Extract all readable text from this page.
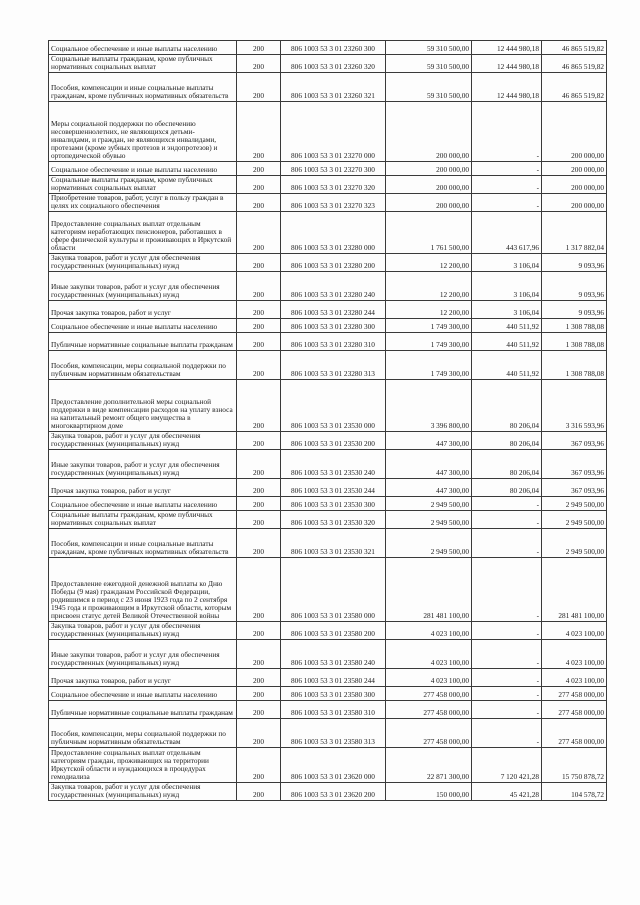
Социальное обеспечение и иные выплаты населению	200	806 1003 53 3 01 23260 300	59 310 500,00	12 444 980,18	46 865 519,82

Социальные выплаты гражданам, кроме публичных нормативных социальных выплат	200	806 1003 53 3 01 23260 320	59 310 500,00	12 444 980,18	46 865 519,82

Пособия, компенсации и иные социальные выплаты гражданам, кроме публичных нормативных обязательств	200	806 1003 53 3 01 23260 321	59 310 500,00	12 444 980,18	46 865 519,82

Меры социальной поддержки по обеспечению несовершеннолетних, не являющихся детьми-инвалидами, и граждан, не являющихся инвалидами, протезами (кроме зубных протезов и эндопротезов) и ортопедической обувью	200	806 1003 53 3 01 23270 000	200 000,00	-	200 000,00

Социальное обеспечение и иные выплаты населению	200	806 1003 53 3 01 23270 300	200 000,00	-	200 000,00

Социальные выплаты гражданам, кроме публичных нормативных социальных выплат	200	806 1003 53 3 01 23270 320	200 000,00	-	200 000,00

Приобретение товаров, работ, услуг в пользу граждан в целях их социального обеспечения	200	806 1003 53 3 01 23270 323	200 000,00	-	200 000,00

Предоставление социальных выплат отдельным категориям неработающих пенсионеров, работавших в сфере физической культуры и проживающих в Иркутской области	200	806 1003 53 3 01 23280 000	1 761 500,00	443 617,96	1 317 882,04

Закупка товаров, работ и услуг для обеспечения государственных (муниципальных) нужд	200	806 1003 53 3 01 23280 200	12 200,00	3 106,04	9 093,96

Иные закупки товаров, работ и услуг для обеспечения государственных (муниципальных) нужд	200	806 1003 53 3 01 23280 240	12 200,00	3 106,04	9 093,96

Прочая закупка товаров, работ и услуг	200	806 1003 53 3 01 23280 244	12 200,00	3 106,04	9 093,96

Социальное обеспечение и иные выплаты населению	200	806 1003 53 3 01 23280 300	1 749 300,00	440 511,92	1 308 788,08

Публичные нормативные социальные выплаты гражданам	200	806 1003 53 3 01 23280 310	1 749 300,00	440 511,92	1 308 788,08

Пособия, компенсации, меры социальной поддержки по публичным нормативным обязательствам	200	806 1003 53 3 01 23280 313	1 749 300,00	440 511,92	1 308 788,08

Предоставление дополнительной меры социальной поддержки в виде компенсации расходов на уплату взноса на капитальный ремонт общего имущества в многоквартирном доме	200	806 1003 53 3 01 23530 000	3 396 800,00	80 206,04	3 316 593,96

Закупка товаров, работ и услуг для обеспечения государственных (муниципальных) нужд	200	806 1003 53 3 01 23530 200	447 300,00	80 206,04	367 093,96

Иные закупки товаров, работ и услуг для обеспечения государственных (муниципальных) нужд	200	806 1003 53 3 01 23530 240	447 300,00	80 206,04	367 093,96

Прочая закупка товаров, работ и услуг	200	806 1003 53 3 01 23530 244	447 300,00	80 206,04	367 093,96

Социальное обеспечение и иные выплаты населению	200	806 1003 53 3 01 23530 300	2 949 500,00	-	2 949 500,00

Социальные выплаты гражданам, кроме публичных нормативных социальных выплат	200	806 1003 53 3 01 23530 320	2 949 500,00	-	2 949 500,00

Пособия, компенсации и иные социальные выплаты гражданам, кроме публичных нормативных обязательств	200	806 1003 53 3 01 23530 321	2 949 500,00	-	2 949 500,00

Предоставление ежегодной денежной выплаты ко Дню Победы (9 мая) гражданам Российской Федерации, родившимся в период с 23 июня 1923 года по 2 сентября 1945 года и проживающим в Иркутской области, которым присвоен статус детей Великой Отечественной войны	200	806 1003 53 3 01 23580 000	281 481 100,00	-	281 481 100,00

Закупка товаров, работ и услуг для обеспечения государственных (муниципальных) нужд	200	806 1003 53 3 01 23580 200	4 023 100,00	-	4 023 100,00

Иные закупки товаров, работ и услуг для обеспечения государственных (муниципальных) нужд	200	806 1003 53 3 01 23580 240	4 023 100,00	-	4 023 100,00

Прочая закупка товаров, работ и услуг	200	806 1003 53 3 01 23580 244	4 023 100,00	-	4 023 100,00

Социальное обеспечение и иные выплаты населению	200	806 1003 53 3 01 23580 300	277 458 000,00	-	277 458 000,00

Публичные нормативные социальные выплаты гражданам	200	806 1003 53 3 01 23580 310	277 458 000,00	-	277 458 000,00

Пособия, компенсации, меры социальной поддержки по публичным нормативным обязательствам	200	806 1003 53 3 01 23580 313	277 458 000,00	-	277 458 000,00

Предоставление социальных выплат отдельным категориям граждан, проживающих на территории Иркутской области и нуждающихся в процедурах гемодиализа	200	806 1003 53 3 01 23620 000	22 871 300,00	7 120 421,28	15 750 878,72

Закупка товаров, работ и услуг для обеспечения государственных (муниципальных) нужд	200	806 1003 53 3 01 23620 200	150 000,00	45 421,28	104 578,72
